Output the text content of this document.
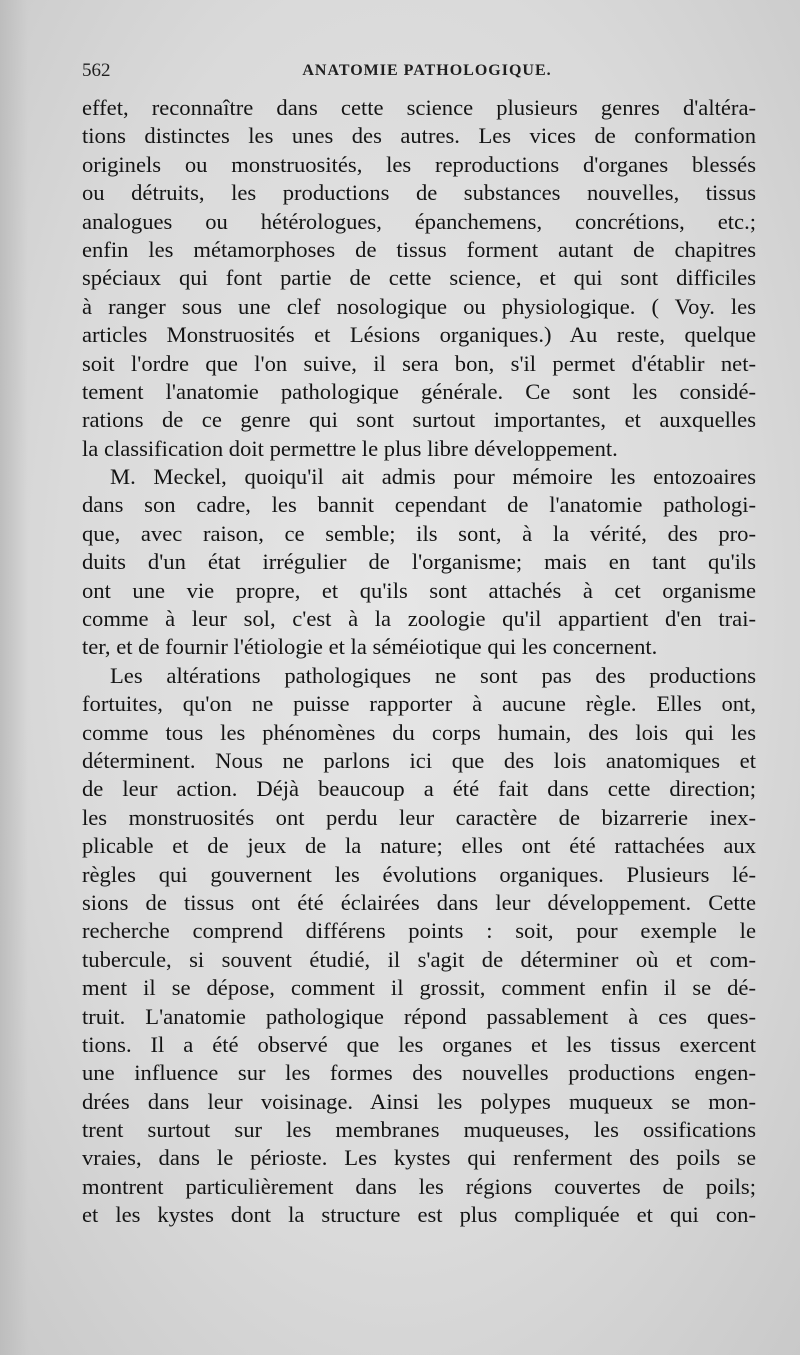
562	ANATOMIE PATHOLOGIQUE.
effet, reconnaître dans cette science plusieurs genres d'altéra-
tions distinctes les unes des autres. Les vices de conformation
originels ou monstruosités, les reproductions d'organes blessés
ou détruits, les productions de substances nouvelles, tissus
analogues ou hétérologues, épanchemens, concrétions, etc.;
enfin les métamorphoses de tissus forment autant de chapitres
spéciaux qui font partie de cette science, et qui sont difficiles
à ranger sous une clef nosologique ou physiologique. ( Voy. les
articles Monstruosités et Lésions organiques.) Au reste, quelque
soit l'ordre que l'on suive, il sera bon, s'il permet d'établir net-
tement l'anatomie pathologique générale. Ce sont les considé-
rations de ce genre qui sont surtout importantes, et auxquelles
la classification doit permettre le plus libre développement.
M. Meckel, quoiqu'il ait admis pour mémoire les entozoaires
dans son cadre, les bannit cependant de l'anatomie pathologi-
que, avec raison, ce semble; ils sont, à la vérité, des pro-
duits d'un état irrégulier de l'organisme; mais en tant qu'ils
ont une vie propre, et qu'ils sont attachés à cet organisme
comme à leur sol, c'est à la zoologie qu'il appartient d'en trai-
ter, et de fournir l'étiologie et la séméiotique qui les concernent.
Les altérations pathologiques ne sont pas des productions
fortuites, qu'on ne puisse rapporter à aucune règle. Elles ont,
comme tous les phénomènes du corps humain, des lois qui les
déterminent. Nous ne parlons ici que des lois anatomiques et
de leur action. Déjà beaucoup a été fait dans cette direction;
les monstruosités ont perdu leur caractère de bizarrerie inex-
plicable et de jeux de la nature; elles ont été rattachées aux
règles qui gouvernent les évolutions organiques. Plusieurs lé-
sions de tissus ont été éclairées dans leur développement. Cette
recherche comprend différens points : soit, pour exemple le
tubercule, si souvent étudié, il s'agit de déterminer où et com-
ment il se dépose, comment il grossit, comment enfin il se dé-
truit. L'anatomie pathologique répond passablement à ces ques-
tions. Il a été observé que les organes et les tissus exercent
une influence sur les formes des nouvelles productions engen-
drées dans leur voisinage. Ainsi les polypes muqueux se mon-
trent surtout sur les membranes muqueuses, les ossifications
vraies, dans le périoste. Les kystes qui renferment des poils se
montrent particulièrement dans les régions couvertes de poils;
et les kystes dont la structure est plus compliquée et qui con-
